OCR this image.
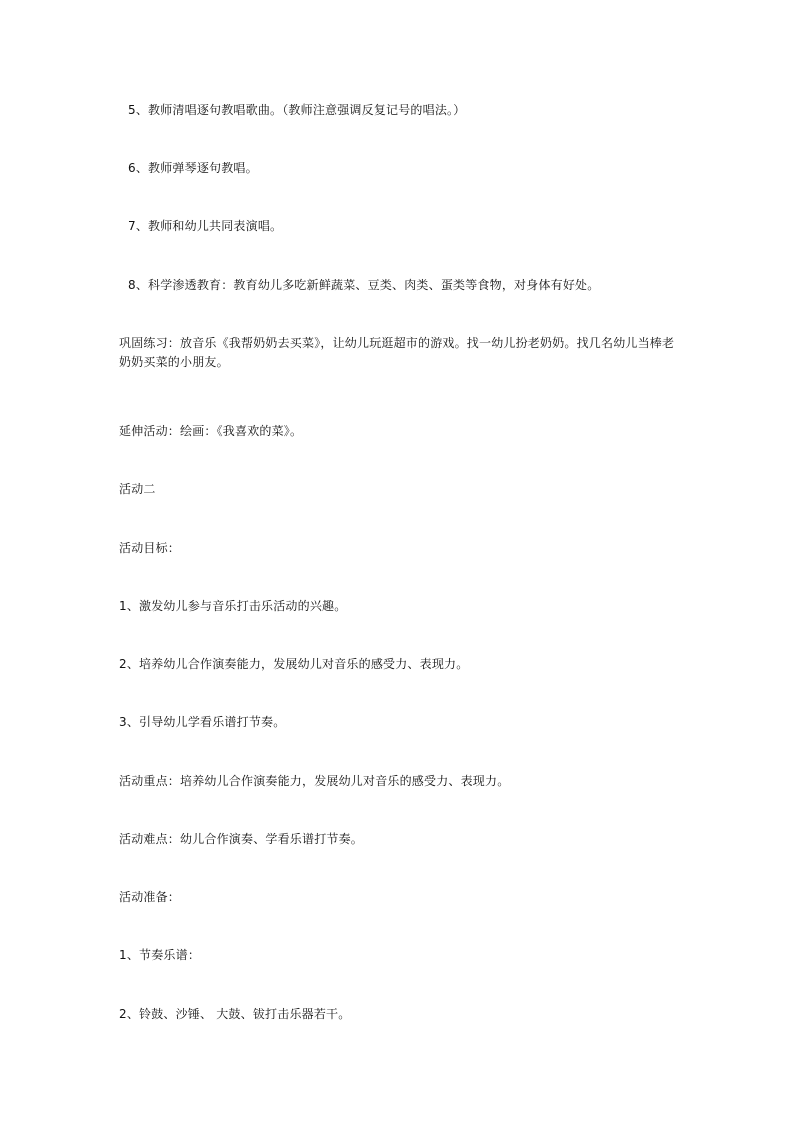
5、教师清唱逐句教唱歌曲。（教师注意强调反复记号的唱法。）
6、教师弹琴逐句教唱。
7、教师和幼儿共同表演唱。
8、科学渗透教育：教育幼儿多吃新鲜蔬菜、豆类、肉类、蛋类等食物，对身体有好处。
巩固练习：放音乐《我帮奶奶去买菜》，让幼儿玩逛超市的游戏。找一幼儿扮老奶奶。找几名幼儿当棒老奶奶买菜的小朋友。
延伸活动：绘画：《我喜欢的菜》。
活动二
活动目标：
1、激发幼儿参与音乐打击乐活动的兴趣。
2、培养幼儿合作演奏能力，发展幼儿对音乐的感受力、表现力。
3、引导幼儿学看乐谱打节奏。
活动重点：培养幼儿合作演奏能力，发展幼儿对音乐的感受力、表现力。
活动难点：幼儿合作演奏、学看乐谱打节奏。
活动准备：
1、节奏乐谱：
2、铃鼓、沙锤、 大鼓、钹打击乐器若干。
